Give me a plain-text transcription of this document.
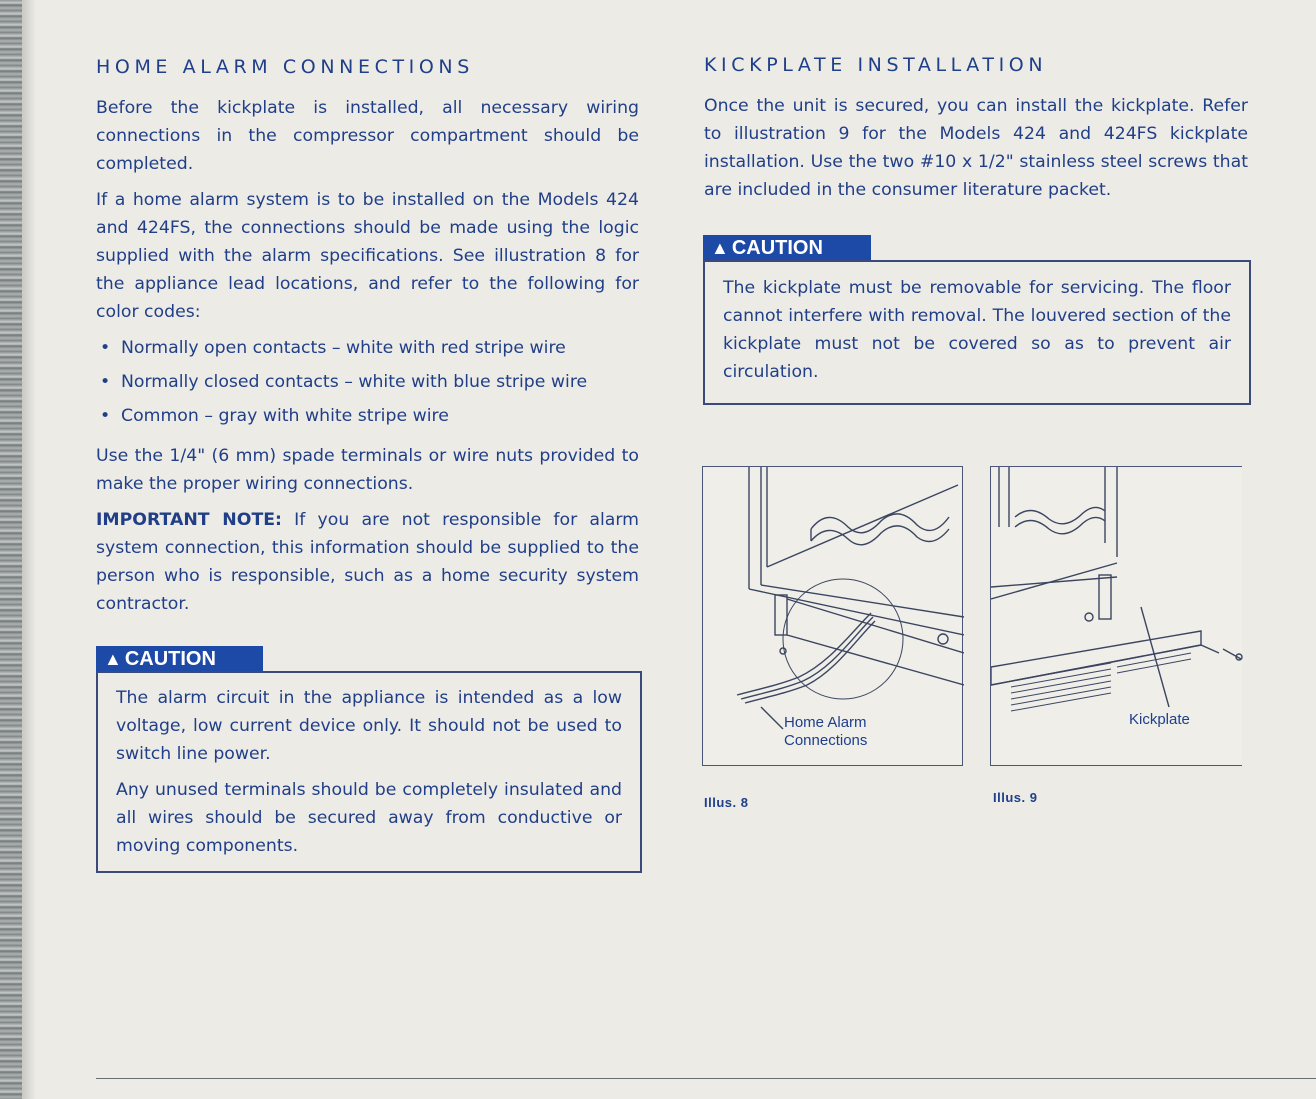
HOME ALARM CONNECTIONS

Before the kickplate is installed, all necessary wiring connections in the compressor compartment should be completed.

If a home alarm system is to be installed on the Models 424 and 424FS, the connections should be made using the logic supplied with the alarm specifications. See illustration 8 for the appliance lead locations, and refer to the following for color codes:

• Normally open contacts – white with red stripe wire
• Normally closed contacts – white with blue stripe wire
• Common – gray with white stripe wire

Use the 1/4" (6 mm) spade terminals or wire nuts provided to make the proper wiring connections.

IMPORTANT NOTE: If you are not responsible for alarm system connection, this information should be supplied to the person who is responsible, such as a home security system contractor.

▲ CAUTION

The alarm circuit in the appliance is intended as a low voltage, low current device only. It should not be used to switch line power.

Any unused terminals should be completely insulated and all wires should be secured away from conductive or moving components.

KICKPLATE INSTALLATION

Once the unit is secured, you can install the kickplate. Refer to illustration 9 for the Models 424 and 424FS kickplate installation. Use the two #10 x 1/2" stainless steel screws that are included in the consumer literature packet.

▲ CAUTION

The kickplate must be removable for servicing. The floor cannot interfere with removal. The louvered section of the kickplate must not be covered so as to prevent air circulation.

Home Alarm
Connections
Illus. 8
Kickplate
Illus. 9
